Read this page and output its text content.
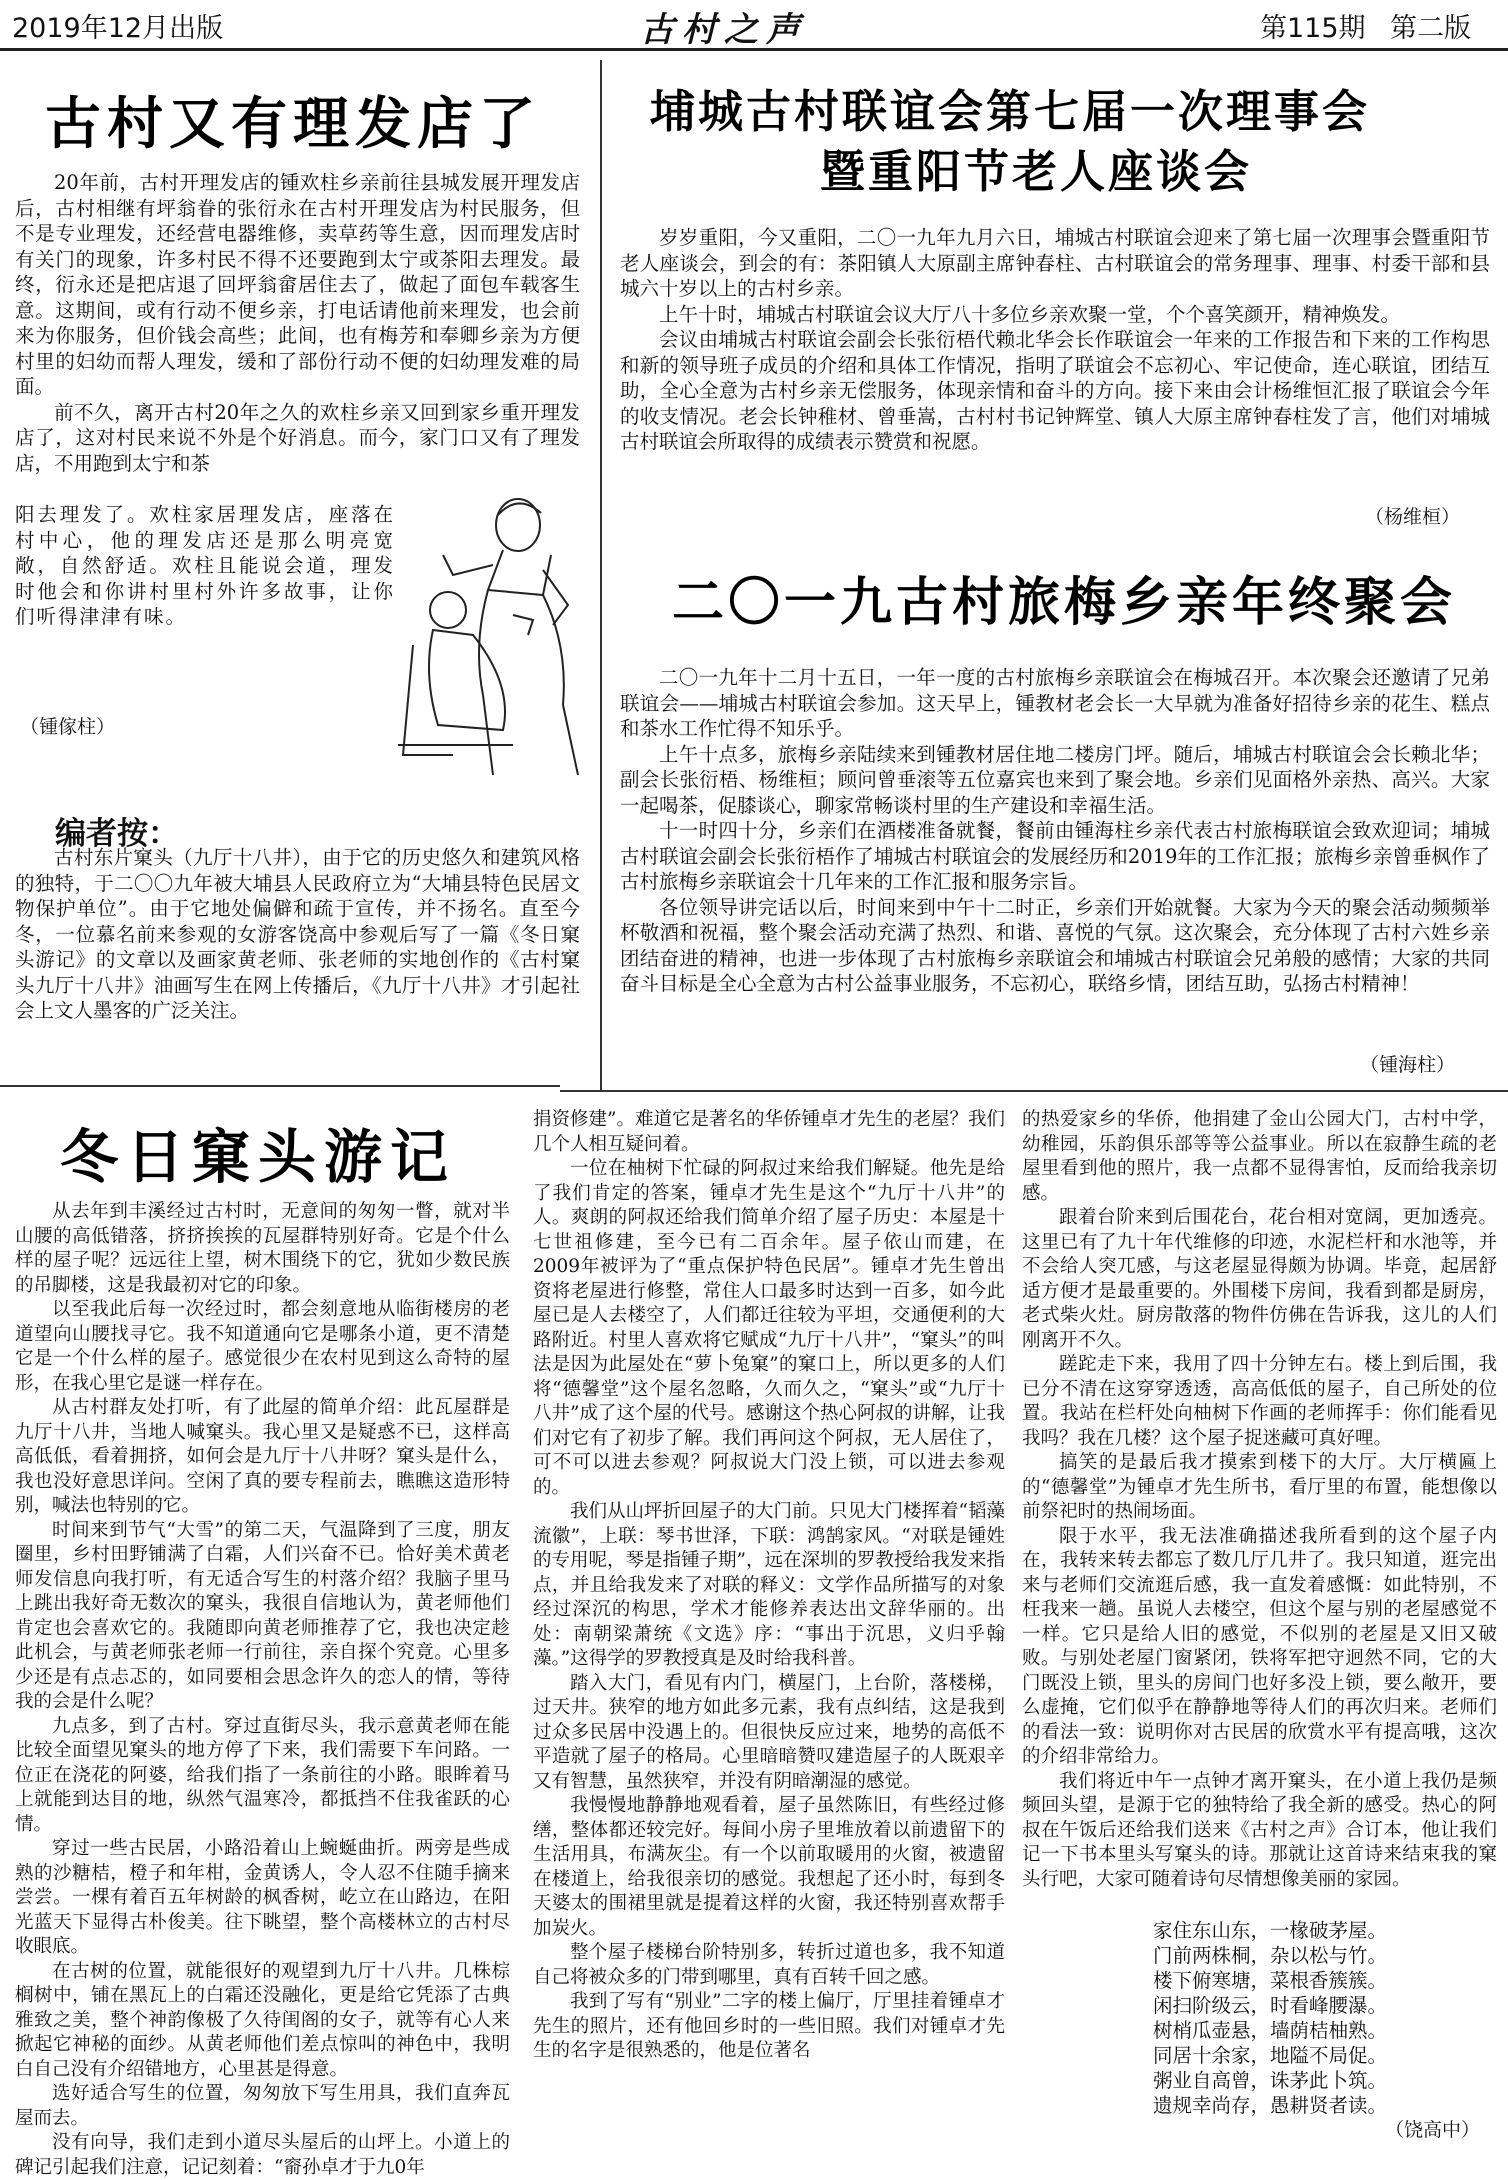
2019年12月出版	古村之声	第115期 第二版
古村又有理发店了

20年前，古村开理发店的锺欢柱乡亲前往县城发展开理发店后，古村相继有坪翁眷的张衍永在古村开理发店为村民服务，但不是专业理发，还经营电器维修，卖草药等生意，因而理发店时有关门的现象，许多村民不得不还要跑到太宁或茶阳去理发。最终，衍永还是把店退了回坪翁畲居住去了，做起了面包车载客生意。这期间，或有行动不便乡亲，打电话请他前来理发，也会前来为你服务，但价钱会高些；此间，也有梅芳和奉卿乡亲为方便村里的妇幼而帮人理发，缓和了部份行动不便的妇幼理发难的局面。

前不久，离开古村20年之久的欢柱乡亲又回到家乡重开理发店了，这对村民来说不外是个好消息。而今，家门口又有了理发店，不用跑到太宁和茶

阳去理发了。欢柱家居理发店，座落在村中心，他的理发店还是那么明亮宽敞，自然舒适。欢柱且能说会道，理发时他会和你讲村里村外许多故事，让你们听得津津有味。

（锺傢柱）
编者按：

古村东片窠头（九厅十八井），由于它的历史悠久和建筑风格的独特，于二〇〇九年被大埔县人民政府立为“大埔县特色民居文物保护单位”。由于它地处偏僻和疏于宣传，并不扬名。直至今冬，一位慕名前来参观的女游客饶高中参观后写了一篇《冬日窠头游记》的文章以及画家黄老师、张老师的实地创作的《古村窠头九厅十八井》油画写生在网上传播后，《九厅十八井》才引起社会上文人墨客的广泛关注。

埔城古村联谊会第七届一次理事会
暨重阳节老人座谈会

岁岁重阳，今又重阳，二〇一九年九月六日，埔城古村联谊会迎来了第七届一次理事会暨重阳节老人座谈会，到会的有：茶阳镇人大原副主席钟春柱、古村联谊会的常务理事、理事、村委干部和县城六十岁以上的古村乡亲。

上午十时，埔城古村联谊会议大厅八十多位乡亲欢聚一堂，个个喜笑颜开，精神焕发。

会议由埔城古村联谊会副会长张衍梧代赖北华会长作联谊会一年来的工作报告和下来的工作构思和新的领导班子成员的介绍和具体工作情况，指明了联谊会不忘初心、牢记使命，连心联谊，团结互助，全心全意为古村乡亲无偿服务，体现亲情和奋斗的方向。接下来由会计杨维恒汇报了联谊会今年的收支情况。老会长钟稚材、曾垂嵩，古村村书记钟辉堂、镇人大原主席钟春柱发了言，他们对埔城古村联谊会所取得的成绩表示赞赏和祝愿。

（杨维桓）
二〇一九古村旅梅乡亲年终聚会

二〇一九年十二月十五日，一年一度的古村旅梅乡亲联谊会在梅城召开。本次聚会还邀请了兄弟联谊会——埔城古村联谊会参加。这天早上，锺教材老会长一大早就为准备好招待乡亲的花生、糕点和茶水工作忙得不知乐乎。

上午十点多，旅梅乡亲陆续来到锺教材居住地二楼房门坪。随后，埔城古村联谊会会长赖北华；副会长张衍梧、杨维桓；顾问曾垂滚等五位嘉宾也来到了聚会地。乡亲们见面格外亲热、高兴。大家一起喝茶，促膝谈心，聊家常畅谈村里的生产建设和幸福生活。

十一时四十分，乡亲们在酒楼准备就餐，餐前由锺海柱乡亲代表古村旅梅联谊会致欢迎词；埔城古村联谊会副会长张衍梧作了埔城古村联谊会的发展经历和2019年的工作汇报；旅梅乡亲曾垂枫作了古村旅梅乡亲联谊会十几年来的工作汇报和服务宗旨。

各位领导讲完话以后，时间来到中午十二时正，乡亲们开始就餐。大家为今天的聚会活动频频举杯敬酒和祝福，整个聚会活动充满了热烈、和谐、喜悦的气氛。这次聚会，充分体现了古村六姓乡亲团结奋进的精神，也进一步体现了古村旅梅乡亲联谊会和埔城古村联谊会兄弟般的感情；大家的共同奋斗目标是全心全意为古村公益事业服务，不忘初心，联络乡情，团结互助，弘扬古村精神！

（锺海柱）
冬日窠头游记

从去年到丰溪经过古村时，无意间的匆匆一瞥，就对半山腰的高低错落，挤挤挨挨的瓦屋群特别好奇。它是个什么样的屋子呢？远远往上望，树木围绕下的它，犹如少数民族的吊脚楼，这是我最初对它的印象。

以至我此后每一次经过时，都会刻意地从临街楼房的老道望向山腰找寻它。我不知道通向它是哪条小道，更不清楚它是一个什么样的屋子。感觉很少在农村见到这么奇特的屋形，在我心里它是谜一样存在。

从古村群友处打听，有了此屋的简单介绍：此瓦屋群是九厅十八井，当地人喊窠头。我心里又是疑惑不已，这样高高低低，看着拥挤，如何会是九厅十八井呀？窠头是什么，我也没好意思详问。空闲了真的要专程前去，瞧瞧这造形特别，喊法也特别的它。

时间来到节气“大雪”的第二天，气温降到了三度，朋友圈里，乡村田野铺满了白霜，人们兴奋不已。恰好美术黄老师发信息向我打听，有无适合写生的村落介绍？我脑子里马上跳出我好奇无数次的窠头，我很自信地认为，黄老师他们肯定也会喜欢它的。我随即向黄老师推荐了它，我也决定趁此机会，与黄老师张老师一行前往，亲自探个究竟。心里多少还是有点忐忑的，如同要相会思念许久的恋人的情，等待我的会是什么呢？

九点多，到了古村。穿过直街尽头，我示意黄老师在能比较全面望见窠头的地方停了下来，我们需要下车问路。一位正在浇花的阿婆，给我们指了一条前往的小路。眼眸着马上就能到达目的地，纵然气温寒冷，都抵挡不住我雀跃的心情。

穿过一些古民居，小路沿着山上蜿蜒曲折。两旁是些成熟的沙糖桔，橙子和年柑，金黄诱人，令人忍不住随手摘来尝尝。一棵有着百五年树龄的枫香树，屹立在山路边，在阳光蓝天下显得古朴俊美。往下眺望，整个高楼林立的古村尽收眼底。

在古树的位置，就能很好的观望到九厅十八井。几株棕榈树中，铺在黑瓦上的白霜还没融化，更是给它凭添了古典雅致之美，整个神韵像极了久待闺阁的女子，就等有心人来掀起它神秘的面纱。从黄老师他们差点惊叫的神色中，我明白自己没有介绍错地方，心里甚是得意。

选好适合写生的位置，匆匆放下写生用具，我们直奔瓦屋而去。

没有向导，我们走到小道尽头屋后的山坪上。小道上的碑记引起我们注意，记记刻着：“窬孙卓才于九0年

捐资修建”。难道它是著名的华侨锺卓才先生的老屋？我们几个人相互疑问着。

一位在柚树下忙碌的阿叔过来给我们解疑。他先是给了我们肯定的答案，锺卓才先生是这个“九厅十八井”的人。爽朗的阿叔还给我们简单介绍了屋子历史：本屋是十七世祖修建，至今已有二百余年。屋子依山而建，在2009年被评为了“重点保护特色民居”。锺卓才先生曾出资将老屋进行修整，常住人口最多时达到一百多，如今此屋已是人去楼空了，人们都迁往较为平坦，交通便利的大路附近。村里人喜欢将它赋成“九厅十八井”，“窠头”的叫法是因为此屋处在“萝卜兔窠”的窠口上，所以更多的人们将“德馨堂”这个屋名忽略，久而久之，“窠头”或“九厅十八井”成了这个屋的代号。感谢这个热心阿叔的讲解，让我们对它有了初步了解。我们再问这个阿叔，无人居住了，可不可以进去参观？阿叔说大门没上锁，可以进去参观的。

我们从山坪折回屋子的大门前。只见大门楼挥着“韬藻流徽”，上联：琴书世泽，下联：鸿鹄家风。“对联是锺姓的专用呢，琴是指锺子期”，远在深圳的罗教授给我发来指点，并且给我发来了对联的释义：文学作品所描写的对象经过深沉的构思，学术才能修养表达出文辞华丽的。出处：南朝梁萧统《文选》序：“事出于沉思，义归乎翰藻。”这得学的罗教授真是及时给我科普。

踏入大门，看见有内门，横屋门，上台阶，落楼梯，过天井。狭窄的地方如此多元素，我有点纠结，这是我到过众多民居中没遇上的。但很快反应过来，地势的高低不平造就了屋子的格局。心里暗暗赞叹建造屋子的人既艰辛又有智慧，虽然狭窄，并没有阴暗潮湿的感觉。

我慢慢地静静地观看着，屋子虽然陈旧，有些经过修缮，整体都还较完好。每间小房子里堆放着以前遗留下的生活用具，布满灰尘。有一个以前取暖用的火窗，被遗留在楼道上，给我很亲切的感觉。我想起了还小时，每到冬天婆太的围裙里就是提着这样的火窗，我还特别喜欢帮手加炭火。

整个屋子楼梯台阶特别多，转折过道也多，我不知道自己将被众多的门带到哪里，真有百转千回之感。

我到了写有“别业”二字的楼上偏厅，厅里挂着锺卓才先生的照片，还有他回乡时的一些旧照。我们对锺卓才先生的名字是很熟悉的，他是位著名

的热爱家乡的华侨，他捐建了金山公园大门，古村中学，幼稚园，乐韵俱乐部等等公益事业。所以在寂静生疏的老屋里看到他的照片，我一点都不显得害怕，反而给我亲切感。

跟着台阶来到后围花台，花台相对宽阔，更加透亮。这里已有了九十年代维修的印迹，水泥栏杆和水池等，并不会给人突兀感，与这老屋显得颇为协调。毕竟，起居舒适方便才是最重要的。外围楼下房间，我看到都是厨房，老式柴火灶。厨房散落的物件仿佛在告诉我，这儿的人们刚离开不久。

蹉跎走下来，我用了四十分钟左右。楼上到后围，我已分不清在这穿穿透透，高高低低的屋子，自己所处的位置。我站在栏杆处向柚树下作画的老师挥手：你们能看见我吗？我在几楼？这个屋子捉迷藏可真好哩。

搞笑的是最后我才摸索到楼下的大厅。大厅横匾上的“德馨堂”为锺卓才先生所书，看厅里的布置，能想像以前祭祀时的热闹场面。

限于水平，我无法准确描述我所看到的这个屋子内在，我转来转去都忘了数几厅几井了。我只知道，逛完出来与老师们交流逛后感，我一直发着感慨：如此特别，不枉我来一趟。虽说人去楼空，但这个屋与别的老屋感觉不一样。它只是给人旧的感觉，不似别的老屋是又旧又破败。与别处老屋门窗紧闭，铁将军把守迥然不同，它的大门既没上锁，里头的房间门也好多没上锁，要么敞开，要么虚掩，它们似乎在静静地等待人们的再次归来。老师们的看法一致：说明你对古民居的欣赏水平有提高哦，这次的介绍非常给力。

我们将近中午一点钟才离开窠头，在小道上我仍是频频回头望，是源于它的独特给了我全新的感受。热心的阿叔在午饭后还给我们送来《古村之声》合订本，他让我们记一下书本里头写窠头的诗。那就让这首诗来结束我的窠头行吧，大家可随着诗句尽情想像美丽的家园。

家住东山东，一椽破茅屋。
门前两株桐，杂以松与竹。
楼下俯寒塘，菜根香簇簇。
闲扫阶级云，时看峰腰瀑。
树梢瓜壶悬，墙荫桔柚熟。
同居十余家，地隘不局促。
粥业自高曾，诛茅此卜筑。
遗规幸尚存，愚耕贤者读。
（饶高中）
